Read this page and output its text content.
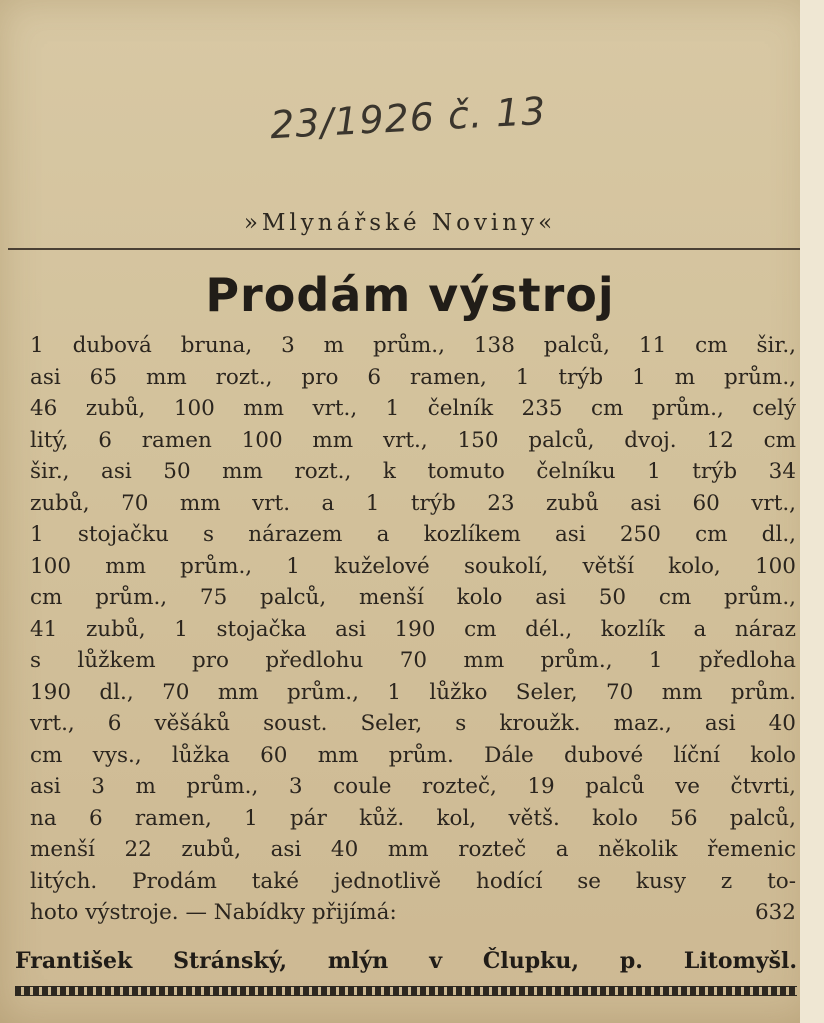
23/1926 č. 13
»Mlynářské Noviny«
Prodám výstroj
1 dubová bruna, 3 m prům., 138 palců, 11 cm šir.,
asi 65 mm rozt., pro 6 ramen, 1 trýb 1 m prům.,
46 zubů, 100 mm vrt., 1 čelník 235 cm prům., celý
litý, 6 ramen 100 mm vrt., 150 palců, dvoj. 12 cm
šir., asi 50 mm rozt., k tomuto čelníku 1 trýb 34
zubů, 70 mm vrt. a 1 trýb 23 zubů asi 60 vrt.,
1 stojačku s nárazem a kozlíkem asi 250 cm dl.,
100 mm prům., 1 kuželové soukolí, větší kolo, 100
cm prům., 75 palců, menší kolo asi 50 cm prům.,
41 zubů, 1 stojačka asi 190 cm dél., kozlík a náraz
s lůžkem pro předlohu 70 mm prům., 1 předloha
190 dl., 70 mm prům., 1 lůžko Seler, 70 mm prům.
vrt., 6 věšáků soust. Seler, s kroužk. maz., asi 40
cm vys., lůžka 60 mm prům. Dále dubové líční kolo
asi 3 m prům., 3 coule rozteč, 19 palců ve čtvrti,
na 6 ramen, 1 pár kůž. kol, větš. kolo 56 palců,
menší 22 zubů, asi 40 mm rozteč a několik řemenic
litých. Prodám také jednotlivě hodící se kusy z to-
hoto výstroje. — Nabídky přijímá:	632
František Stránský, mlýn v Člupku, p. Litomyšl.
